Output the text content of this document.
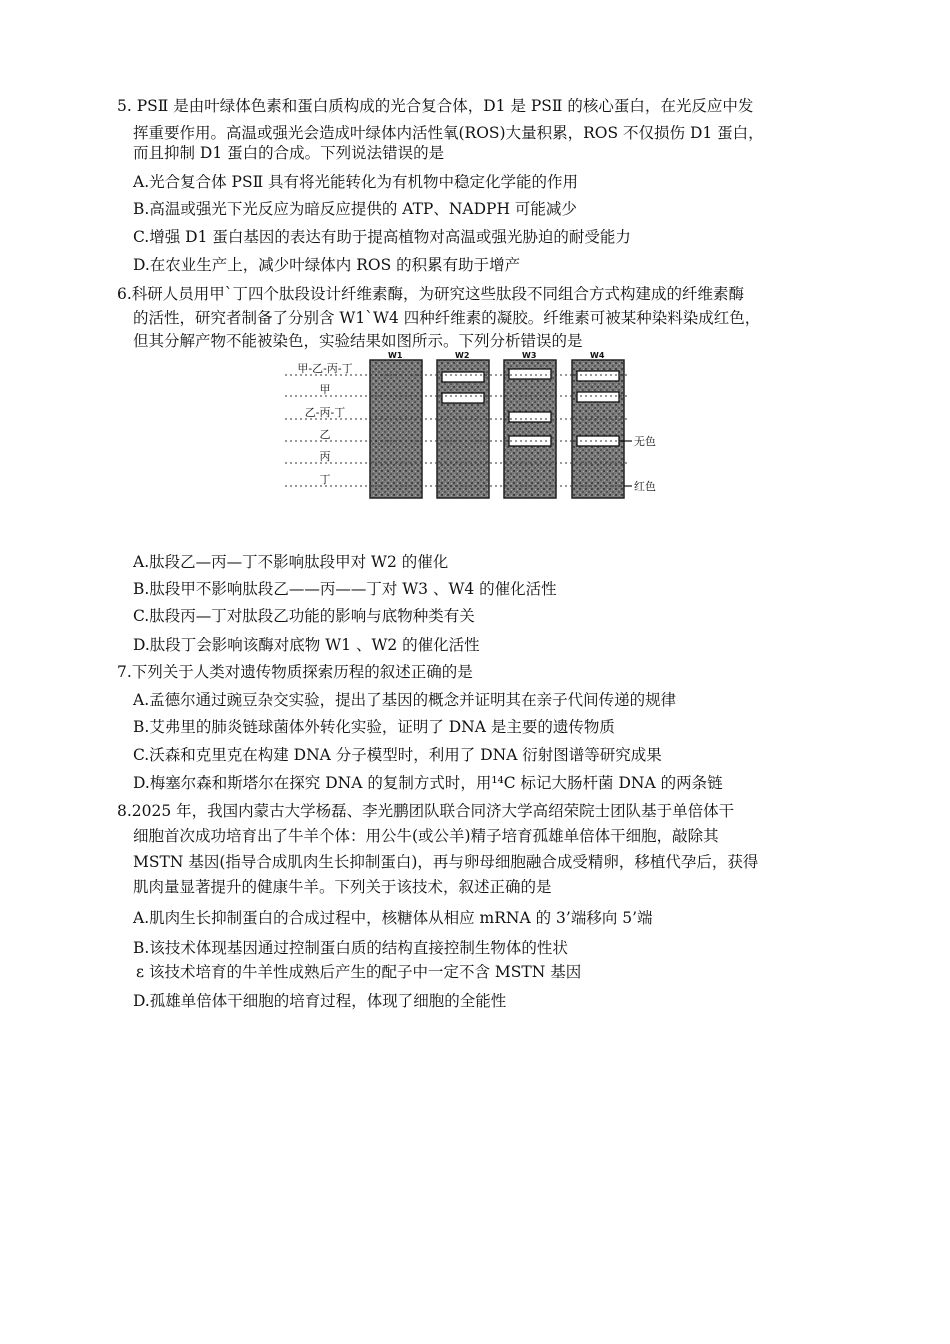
5. PSⅡ 是由叶绿体色素和蛋白质构成的光合复合体，D1 是 PSⅡ 的核心蛋白，在光反应中发
挥重要作用。高温或强光会造成叶绿体内活性氧(ROS)大量积累，ROS 不仅损伤 D1 蛋白，
而且抑制 D1 蛋白的合成。下列说法错误的是
A.光合复合体 PSⅡ 具有将光能转化为有机物中稳定化学能的作用
B.高温或强光下光反应为暗反应提供的 ATP、NADPH 可能减少
C.增强 D1 蛋白基因的表达有助于提高植物对高温或强光胁迫的耐受能力
D.在农业生产上，减少叶绿体内 ROS 的积累有助于增产
6.科研人员用甲`丁四个肽段设计纤维素酶，为研究这些肽段不同组合方式构建成的纤维素酶
的活性，研究者制备了分别含 W1`W4 四种纤维素的凝胶。纤维素可被某种染料染成红色，
但其分解产物不能被染色，实验结果如图所示。下列分析错误的是
W1	W2	W3	W4
甲-乙-丙-丁
甲
乙-丙-丁
乙
丙
丁
无色
红色
A.肽段乙—丙—丁不影响肽段甲对 W2 的催化
B.肽段甲不影响肽段乙——丙——丁对 W3 、W4 的催化活性
C.肽段丙—丁对肽段乙功能的影响与底物种类有关
D.肽段丁会影响该酶对底物 W1 、W2 的催化活性
7.下列关于人类对遗传物质探索历程的叙述正确的是
A.孟德尔通过豌豆杂交实验，提出了基因的概念并证明其在亲子代间传递的规律
B.艾弗里的肺炎链球菌体外转化实验，证明了 DNA 是主要的遗传物质
C.沃森和克里克在构建 DNA 分子模型时，利用了 DNA 衍射图谱等研究成果
D.梅塞尔森和斯塔尔在探究 DNA 的复制方式时，用¹⁴C 标记大肠杆菌 DNA 的两条链
8.2025 年，我国内蒙古大学杨磊、李光鹏团队联合同济大学高绍荣院士团队基于单倍体干
细胞首次成功培育出了牛羊个体：用公牛(或公羊)精子培育孤雄单倍体干细胞，敲除其
MSTN 基因(指导合成肌肉生长抑制蛋白)，再与卵母细胞融合成受精卵，移植代孕后，获得
肌肉量显著提升的健康牛羊。下列关于该技术，叙述正确的是
A.肌肉生长抑制蛋白的合成过程中，核糖体从相应 mRNA 的 3’端移向 5’端
B.该技术体现基因通过控制蛋白质的结构直接控制生物体的性状
ε 该技术培育的牛羊性成熟后产生的配子中一定不含 MSTN 基因
D.孤雄单倍体干细胞的培育过程，体现了细胞的全能性
